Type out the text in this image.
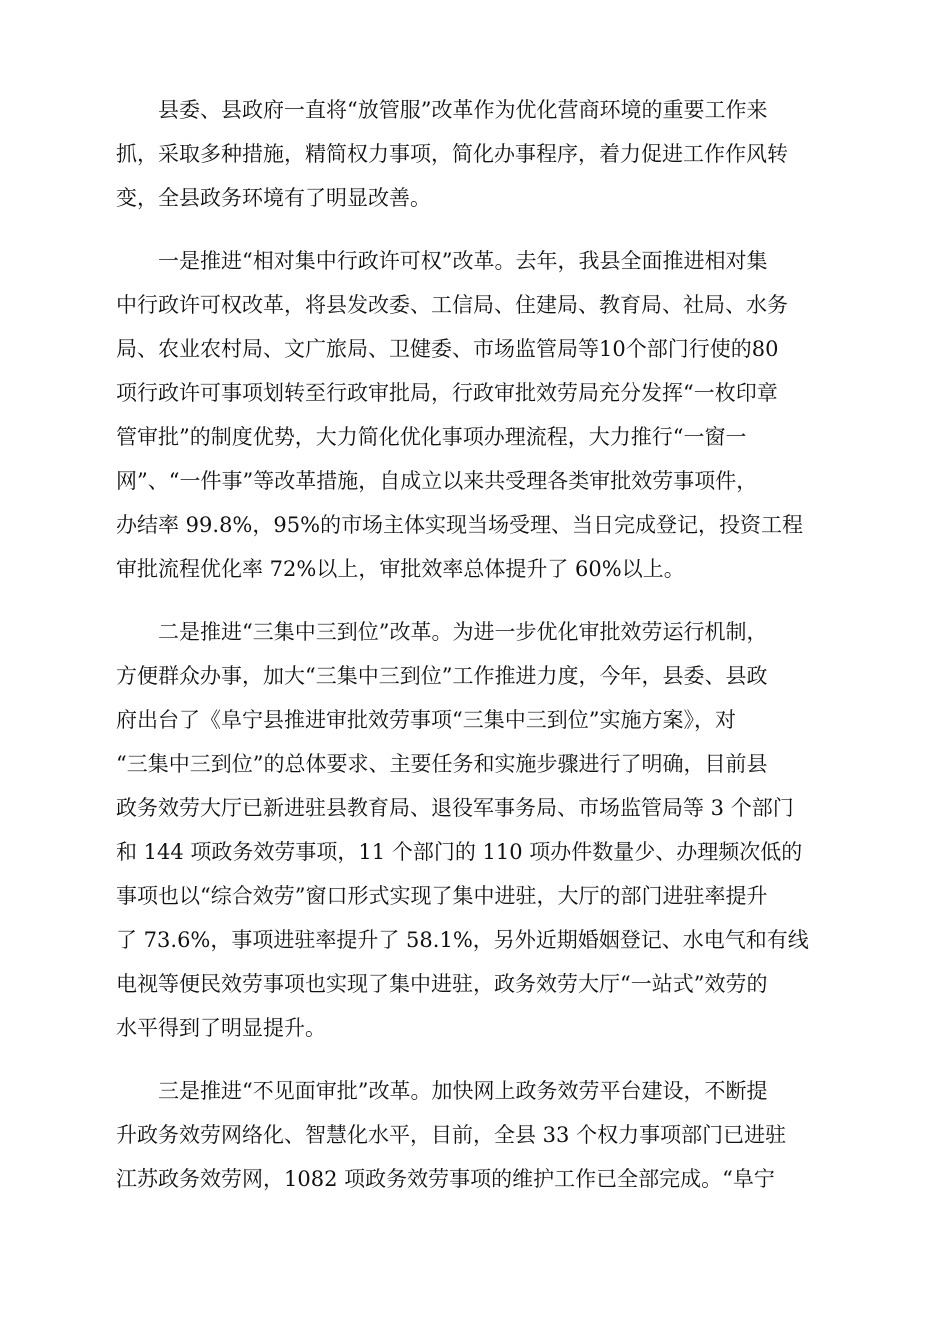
　　县委、县政府一直将“放管服”改革作为优化营商环境的重要工作来
抓，采取多种措施，精简权力事项，简化办事程序，着力促进工作作风转
变，全县政务环境有了明显改善。
　　一是推进“相对集中行政许可权”改革。去年，我县全面推进相对集
中行政许可权改革，将县发改委、工信局、住建局、教育局、社局、水务
局、农业农村局、文广旅局、卫健委、市场监管局等10个部门行使的80
项行政许可事项划转至行政审批局，行政审批效劳局充分发挥“一枚印章
管审批”的制度优势，大力简化优化事项办理流程，大力推行“一窗一
网”、“一件事”等改革措施，自成立以来共受理各类审批效劳事项件，
办结率 99.8%，95%的市场主体实现当场受理、当日完成登记，投资工程
审批流程优化率 72%以上，审批效率总体提升了 60%以上。
　　二是推进“三集中三到位”改革。为进一步优化审批效劳运行机制，
方便群众办事，加大“三集中三到位”工作推进力度，今年，县委、县政
府出台了《阜宁县推进审批效劳事项“三集中三到位”实施方案》，对
“三集中三到位”的总体要求、主要任务和实施步骤进行了明确，目前县
政务效劳大厅已新进驻县教育局、退役军事务局、市场监管局等 3 个部门
和 144 项政务效劳事项，11 个部门的 110 项办件数量少、办理频次低的
事项也以“综合效劳”窗口形式实现了集中进驻，大厅的部门进驻率提升
了 73.6%，事项进驻率提升了 58.1%，另外近期婚姻登记、水电气和有线
电视等便民效劳事项也实现了集中进驻，政务效劳大厅“一站式”效劳的
水平得到了明显提升。
　　三是推进“不见面审批”改革。加快网上政务效劳平台建设，不断提
升政务效劳网络化、智慧化水平，目前，全县 33 个权力事项部门已进驻
江苏政务效劳网，1082 项政务效劳事项的维护工作已全部完成。“阜宁
